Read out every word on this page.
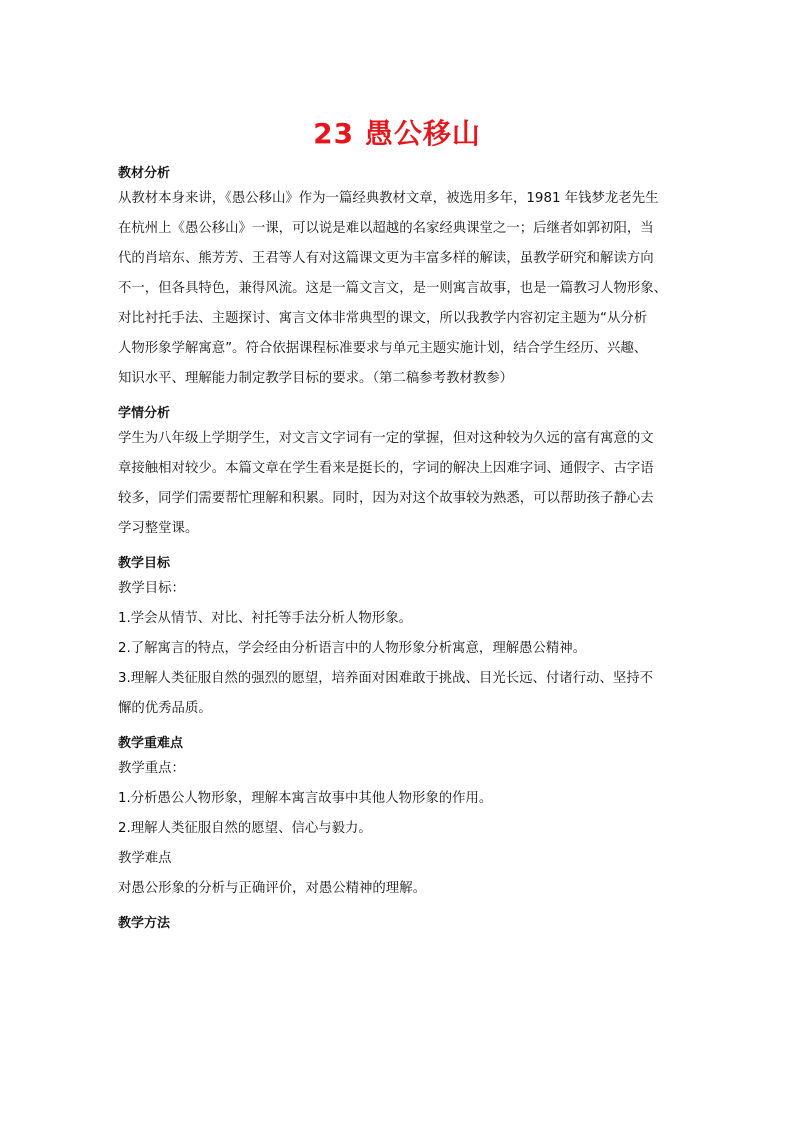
23 愚公移山
教材分析
从教材本身来讲，《愚公移山》作为一篇经典教材文章，被选用多年，1981 年钱梦龙老先生
在杭州上《愚公移山》一课，可以说是难以超越的名家经典课堂之一；后继者如郭初阳，当
代的肖培东、熊芳芳、王君等人有对这篇课文更为丰富多样的解读，虽教学研究和解读方向
不一，但各具特色，兼得风流。这是一篇文言文，是一则寓言故事，也是一篇教习人物形象、
对比衬托手法、主题探讨、寓言文体非常典型的课文，所以我教学内容初定主题为“从分析
人物形象学解寓意”。符合依据课程标准要求与单元主题实施计划，结合学生经历、兴趣、
知识水平、理解能力制定教学目标的要求。（第二稿参考教材教参）
学情分析
学生为八年级上学期学生，对文言文字词有一定的掌握，但对这种较为久远的富有寓意的文
章接触相对较少。本篇文章在学生看来是挺长的，字词的解决上因难字词、通假字、古字语
较多，同学们需要帮忙理解和积累。同时，因为对这个故事较为熟悉，可以帮助孩子静心去
学习整堂课。
教学目标
教学目标：
1.学会从情节、对比、衬托等手法分析人物形象。
2.了解寓言的特点，学会经由分析语言中的人物形象分析寓意，理解愚公精神。
3.理解人类征服自然的强烈的愿望，培养面对困难敢于挑战、目光长远、付诸行动、坚持不
懈的优秀品质。
教学重难点
教学重点：
1.分析愚公人物形象，理解本寓言故事中其他人物形象的作用。
2.理解人类征服自然的愿望、信心与毅力。
教学难点
对愚公形象的分析与正确评价，对愚公精神的理解。
教学方法
